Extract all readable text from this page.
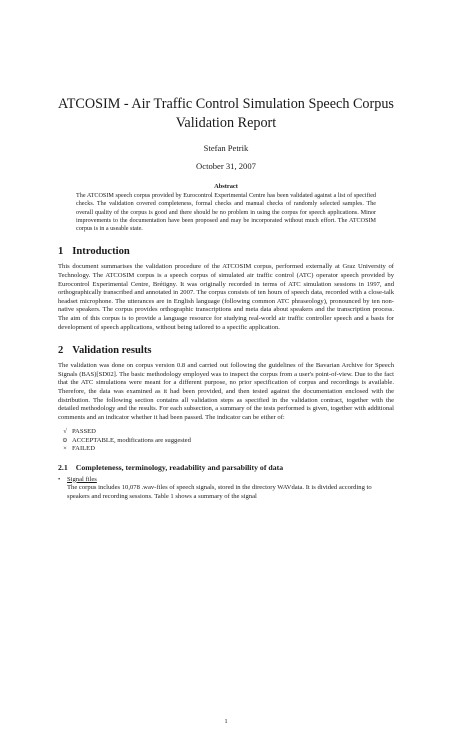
ATCOSIM - Air Traffic Control Simulation Speech Corpus Validation Report
Stefan Petrik
October 31, 2007
Abstract

The ATCOSIM speech corpus provided by Eurocontrol Experimental Centre has been validated against a list of specified checks. The validation covered completeness, formal checks and manual checks of randomly selected samples. The overall quality of the corpus is good and there should be no problem in using the corpus for speech applications. Minor improvements to the documentation have been proposed and may be incorporated without much effort. The ATCOSIM corpus is in a useable state.

1 Introduction

This document summarises the validation procedure of the ATCOSIM corpus, performed externally at Graz University of Technology. The ATCOSIM corpus is a speech corpus of simulated air traffic control (ATC) operator speech provided by Eurocontrol Experimental Centre, Brétigny. It was originally recorded in terms of ATC simulation sessions in 1997, and orthographically transcribed and annotated in 2007. The corpus consists of ten hours of speech data, recorded with a close-talk headset microphone. The utterances are in English language (following common ATC phraseology), pronounced by ten non-native speakers. The corpus provides orthographic transcriptions and meta data about speakers and the transcription process. The aim of this corpus is to provide a language resource for studying real-world air traffic controller speech and a basis for development of speech applications, without being tailored to a specific application.

2 Validation results

The validation was done on corpus version 0.8 and carried out following the guidelines of the Bavarian Archive for Speech Signals (BAS)[SD02]. The basic methodology employed was to inspect the corpus from a user's point-of-view. Due to the fact that the ATC simulations were meant for a different purpose, no prior specification of corpus and recordings is available. Therefore, the data was examined as it had been provided, and then tested against the documentation enclosed with the distribution. The following section contains all validation steps as specified in the validation contract, together with the detailed methodology and the results. For each subsection, a summary of the tests performed is given, together with additional comments and an indicator whether it had been passed. The indicator can be either of:

√ PASSED
⊙ ACCEPTABLE, modifications are suggested
× FAILED
2.1 Completeness, terminology, readability and parsability of data
•	Signal files
The corpus includes 10,078 .wav-files of speech signals, stored in the directory WAVdata. It is divided according to speakers and recording sessions. Table 1 shows a summary of the signal
1
